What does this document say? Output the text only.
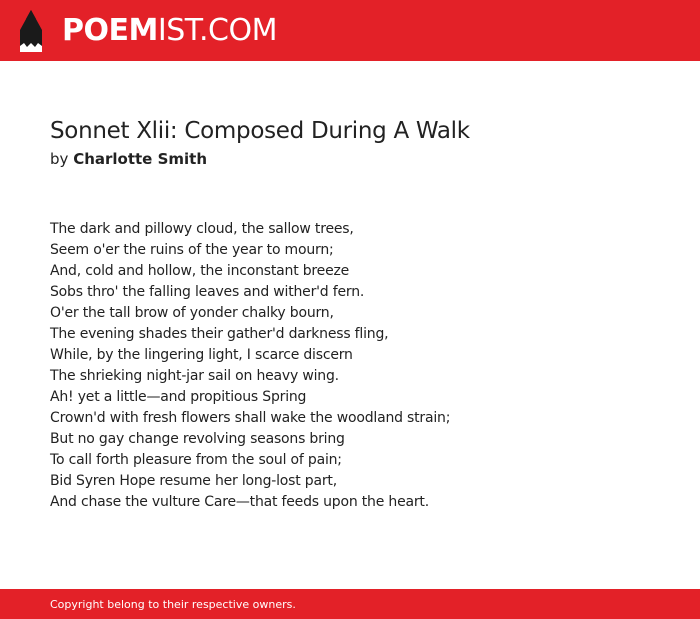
POEMIST.COM
Sonnet Xlii: Composed During A Walk
by Charlotte Smith
The dark and pillowy cloud, the sallow trees,
Seem o'er the ruins of the year to mourn;
And, cold and hollow, the inconstant breeze
Sobs thro' the falling leaves and wither'd fern.
O'er the tall brow of yonder chalky bourn,
The evening shades their gather'd darkness fling,
While, by the lingering light, I scarce discern
The shrieking night-jar sail on heavy wing.
Ah! yet a little—and propitious Spring
Crown'd with fresh flowers shall wake the woodland strain;
But no gay change revolving seasons bring
To call forth pleasure from the soul of pain;
Bid Syren Hope resume her long-lost part,
And chase the vulture Care—that feeds upon the heart.
Copyright belong to their respective owners.
